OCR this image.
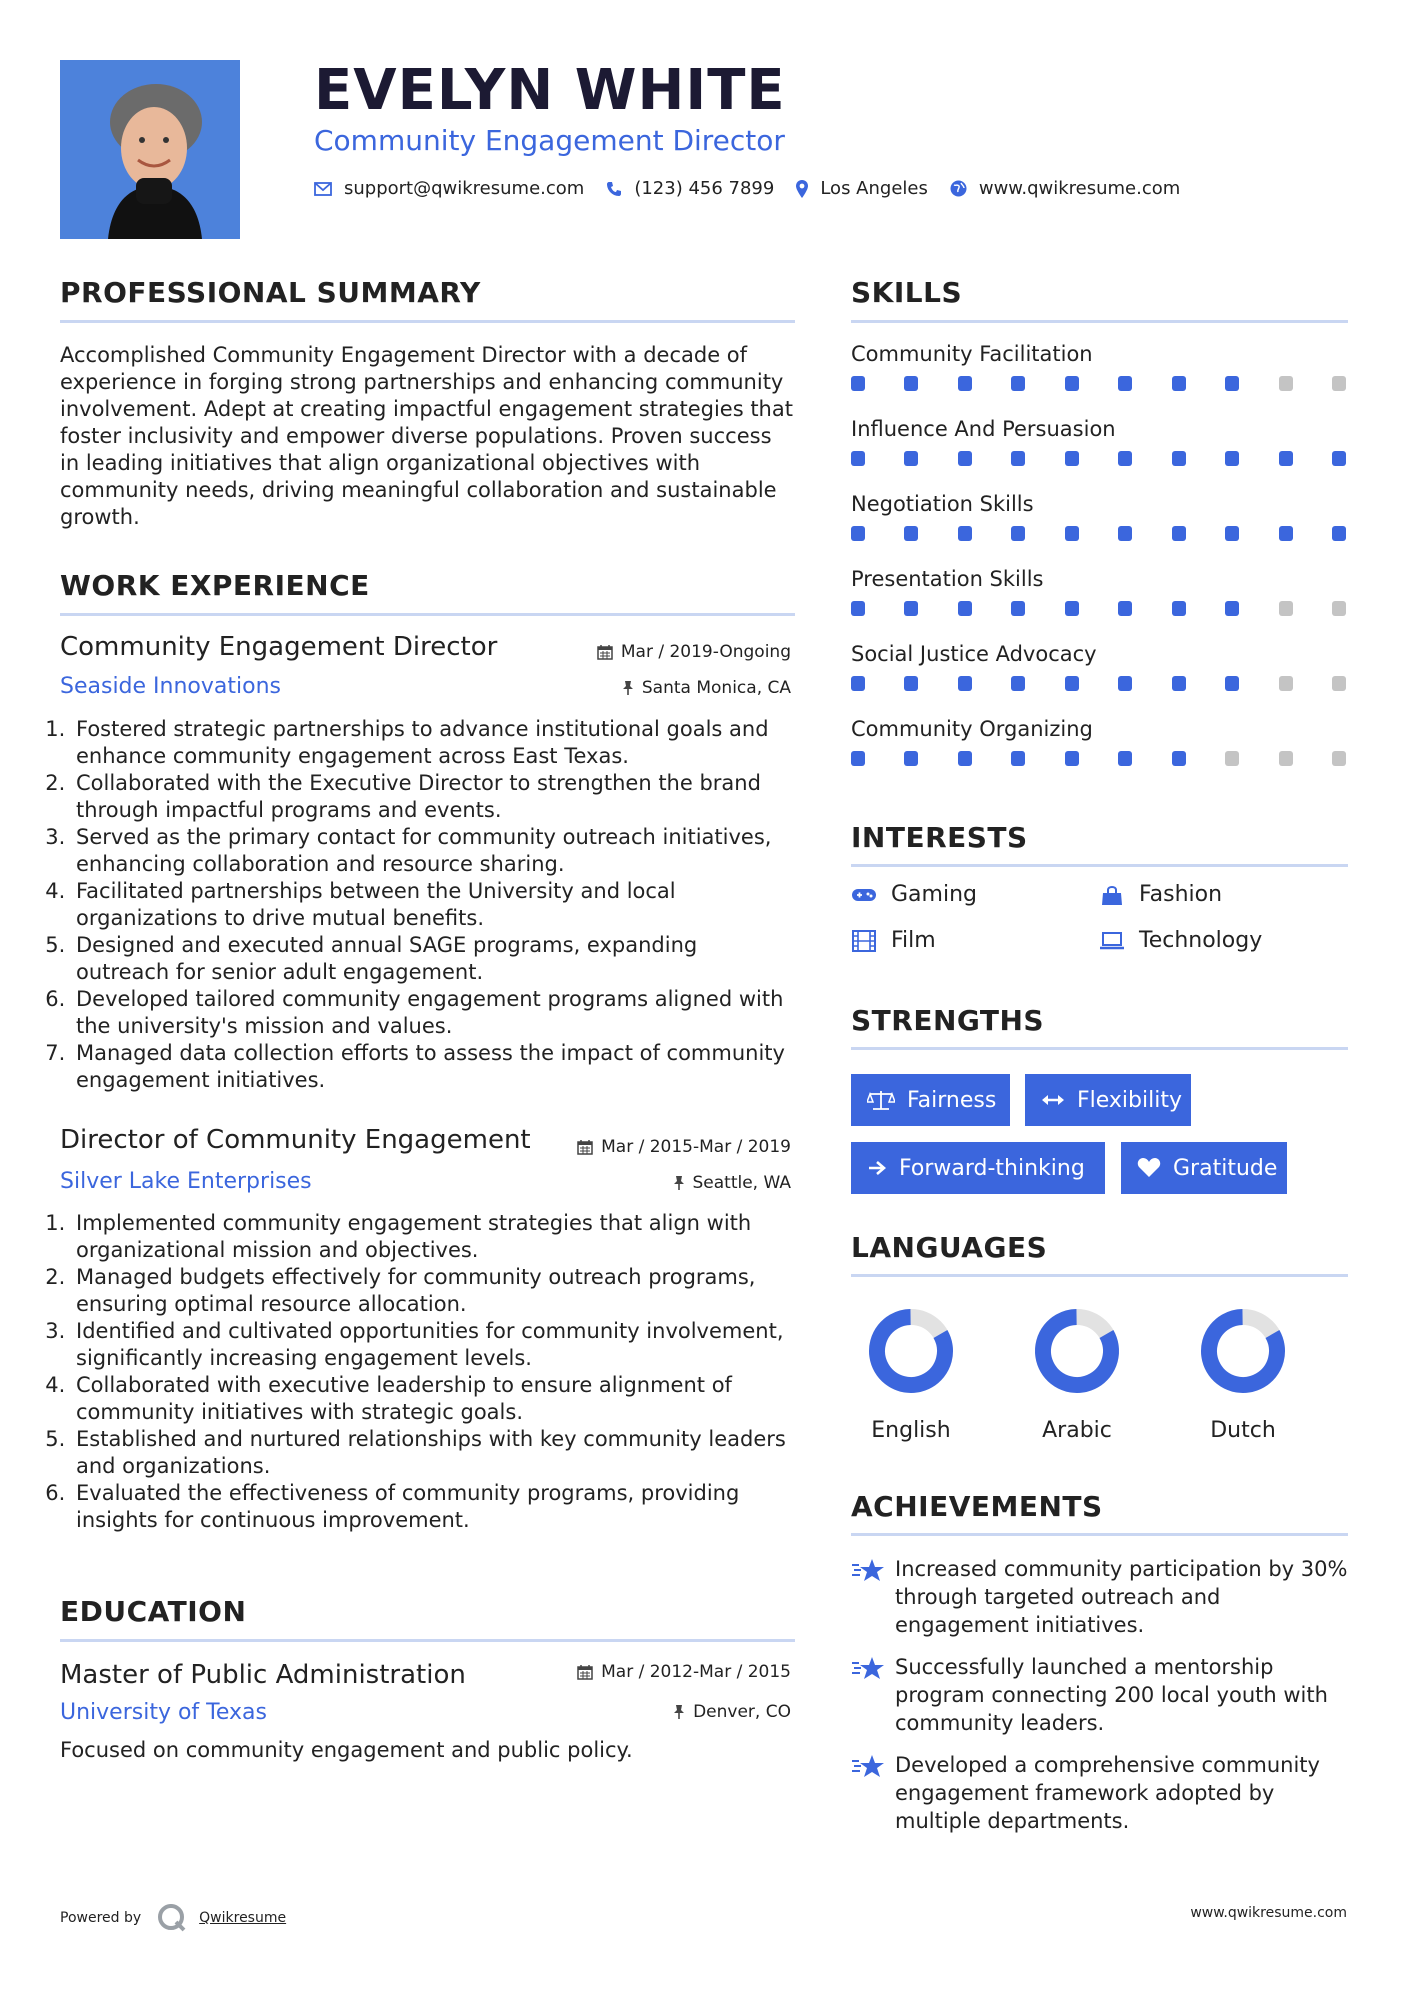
EVELYN WHITE
Community Engagement Director
support@qwikresume.com	(123) 456 7899	Los Angeles	www.qwikresume.com
PROFESSIONAL SUMMARY
Accomplished Community Engagement Director with a decade of experience in forging strong partnerships and enhancing community involvement. Adept at creating impactful engagement strategies that foster inclusivity and empower diverse populations. Proven success in leading initiatives that align organizational objectives with community needs, driving meaningful collaboration and sustainable growth.
WORK EXPERIENCE
Community Engagement Director	Mar / 2019-Ongoing
Seaside Innovations	Santa Monica, CA
1. Fostered strategic partnerships to advance institutional goals and enhance community engagement across East Texas.
2. Collaborated with the Executive Director to strengthen the brand through impactful programs and events.
3. Served as the primary contact for community outreach initiatives, enhancing collaboration and resource sharing.
4. Facilitated partnerships between the University and local organizations to drive mutual benefits.
5. Designed and executed annual SAGE programs, expanding outreach for senior adult engagement.
6. Developed tailored community engagement programs aligned with the university's mission and values.
7. Managed data collection efforts to assess the impact of community engagement initiatives.
Director of Community Engagement	Mar / 2015-Mar / 2019
Silver Lake Enterprises	Seattle, WA
1. Implemented community engagement strategies that align with organizational mission and objectives.
2. Managed budgets effectively for community outreach programs, ensuring optimal resource allocation.
3. Identified and cultivated opportunities for community involvement, significantly increasing engagement levels.
4. Collaborated with executive leadership to ensure alignment of community initiatives with strategic goals.
5. Established and nurtured relationships with key community leaders and organizations.
6. Evaluated the effectiveness of community programs, providing insights for continuous improvement.
EDUCATION
Master of Public Administration	Mar / 2012-Mar / 2015
University of Texas	Denver, CO
Focused on community engagement and public policy.
SKILLS
Community Facilitation
Influence And Persuasion
Negotiation Skills
Presentation Skills
Social Justice Advocacy
Community Organizing
INTERESTS
Gaming	Fashion
Film	Technology
STRENGTHS
Fairness	Flexibility
Forward-thinking	Gratitude
LANGUAGES
English	Arabic	Dutch
ACHIEVEMENTS
Increased community participation by 30% through targeted outreach and engagement initiatives.
Successfully launched a mentorship program connecting 200 local youth with community leaders.
Developed a comprehensive community engagement framework adopted by multiple departments.
Powered by	Qwikresume	www.qwikresume.com
